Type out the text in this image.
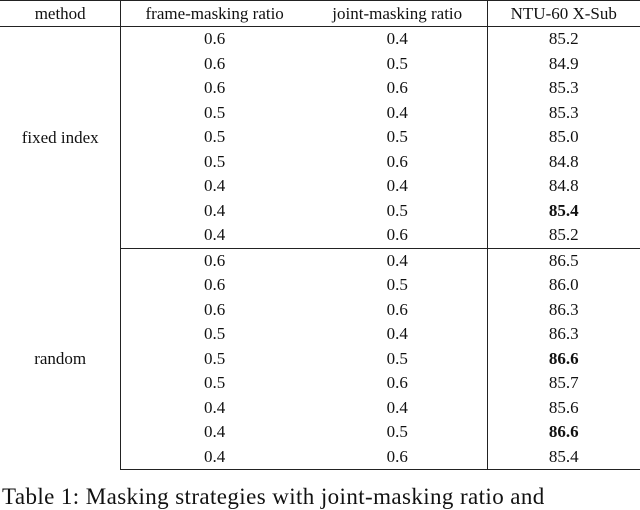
method	frame-masking ratio	joint-masking ratio	NTU-60 X-Sub
fixed index	0.6	0.4	85.2
	0.6	0.5	84.9
	0.6	0.6	85.3
	0.5	0.4	85.3
	0.5	0.5	85.0
	0.5	0.6	84.8
	0.4	0.4	84.8
	0.4	0.5	85.4
	0.4	0.6	85.2
random	0.6	0.4	86.5
	0.6	0.5	86.0
	0.6	0.6	86.3
	0.5	0.4	86.3
	0.5	0.5	86.6
	0.5	0.6	85.7
	0.4	0.4	85.6
	0.4	0.5	86.6
	0.4	0.6	85.4
Table 1: Masking strategies with joint-masking ratio and
